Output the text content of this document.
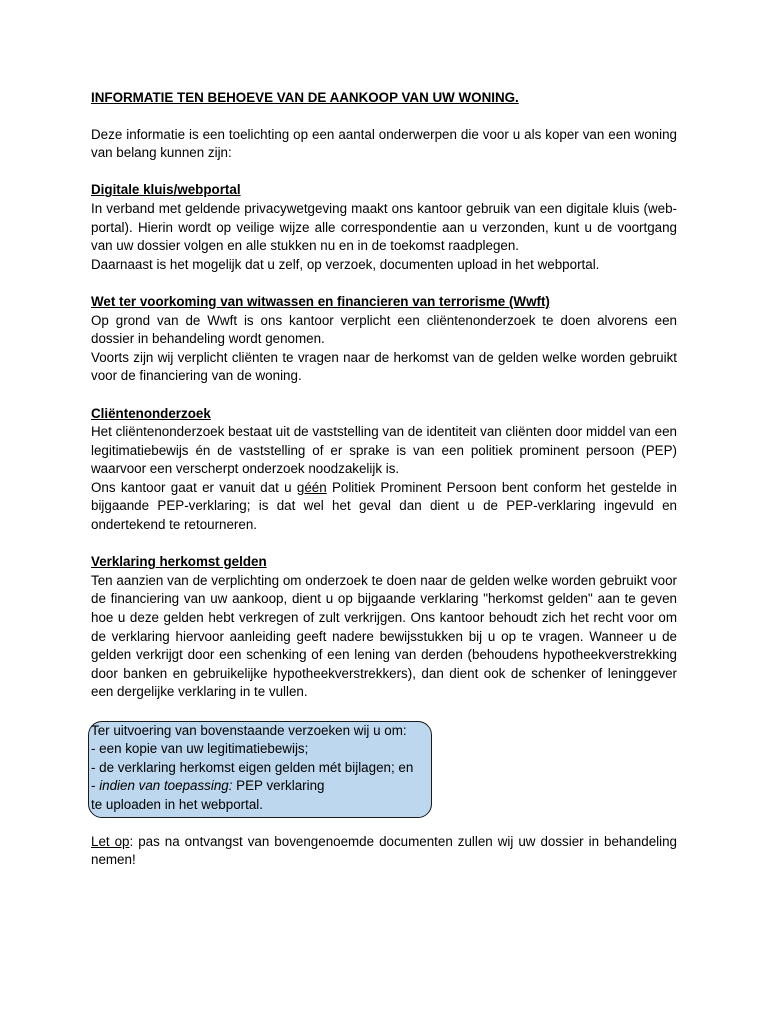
INFORMATIE TEN BEHOEVE VAN DE AANKOOP VAN UW WONING.

Deze informatie is een toelichting op een aantal onderwerpen die voor u als koper van een woning van belang kunnen zijn:

Digitale kluis/webportal

In verband met geldende privacywetgeving maakt ons kantoor gebruik van een digitale kluis (web-portal). Hierin wordt op veilige wijze alle correspondentie aan u verzonden, kunt u de voortgang van uw dossier volgen en alle stukken nu en in de toekomst raadplegen.

Daarnaast is het mogelijk dat u zelf, op verzoek, documenten upload in het webportal.

Wet ter voorkoming van witwassen en financieren van terrorisme (Wwft)

Op grond van de Wwft is ons kantoor verplicht een cliëntenonderzoek te doen alvorens een dossier in behandeling wordt genomen.

Voorts zijn wij verplicht cliënten te vragen naar de herkomst van de gelden welke worden gebruikt voor de financiering van de woning.

Cliëntenonderzoek

Het cliëntenonderzoek bestaat uit de vaststelling van de identiteit van cliënten door middel van een legitimatiebewijs én de vaststelling of er sprake is van een politiek prominent persoon (PEP) waarvoor een verscherpt onderzoek noodzakelijk is.

Ons kantoor gaat er vanuit dat u géén Politiek Prominent Persoon bent conform het gestelde in bijgaande PEP-verklaring; is dat wel het geval dan dient u de PEP-verklaring ingevuld en ondertekend te retourneren.

Verklaring herkomst gelden

Ten aanzien van de verplichting om onderzoek te doen naar de gelden welke worden gebruikt voor de financiering van uw aankoop, dient u op bijgaande verklaring "herkomst gelden" aan te geven hoe u deze gelden hebt verkregen of zult verkrijgen. Ons kantoor behoudt zich het recht voor om de verklaring hiervoor aanleiding geeft nadere bewijsstukken bij u op te vragen. Wanneer u de gelden verkrijgt door een schenking of een lening van derden (behoudens hypotheekverstrekking door banken en gebruikelijke hypotheekverstrekkers), dan dient ook de schenker of leninggever een dergelijke verklaring in te vullen.

Ter uitvoering van bovenstaande verzoeken wij u om:
- een kopie van uw legitimatiebewijs;
- de verklaring herkomst eigen gelden mét bijlagen; en
- indien van toepassing: PEP verklaring
te uploaden in het webportal.

Let op: pas na ontvangst van bovengenoemde documenten zullen wij uw dossier in behandeling nemen!
